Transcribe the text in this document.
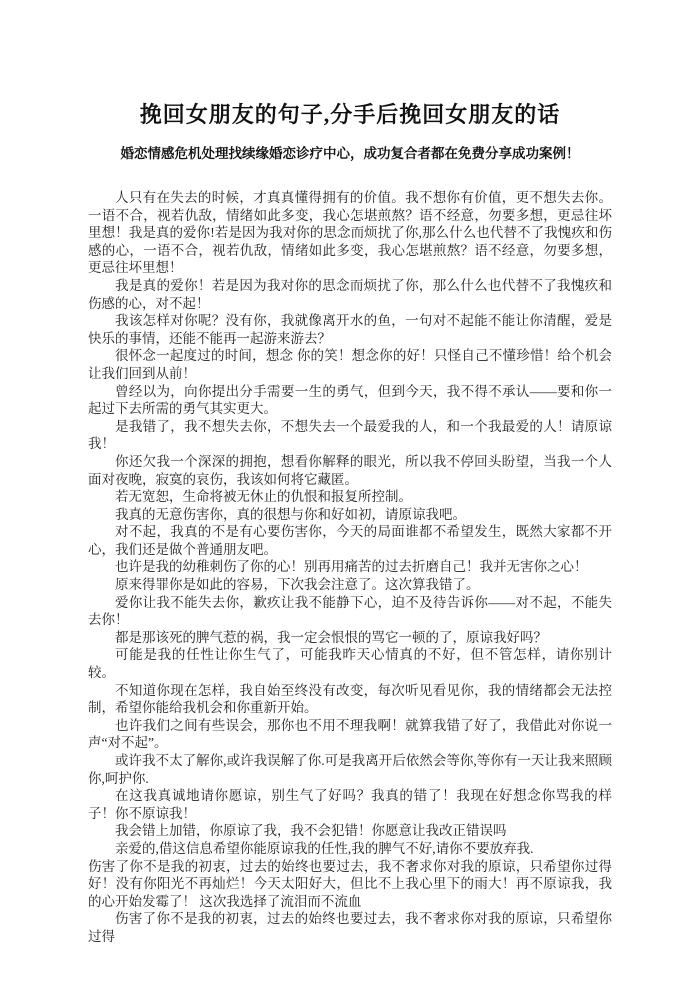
挽回女朋友的句子,分手后挽回女朋友的话
婚恋情感危机处理找续缘婚恋诊疗中心，成功复合者都在免费分享成功案例！

人只有在失去的时候，才真真懂得拥有的价值。我不想你有价值，更不想失去你。 一语不合，视若仇敌，情绪如此多变，我心怎堪煎熬？语不经意，勿要多想，更忌往坏里想！我是真的爱你!若是因为我对你的思念而烦扰了你,那么什么也代替不了我愧疚和伤感的心，一语不合，视若仇敌，情绪如此多变，我心怎堪煎熬？语不经意，勿要多想，更忌往坏里想！

我是真的爱你！若是因为我对你的思念而烦扰了你，那么什么也代替不了我愧疚和伤感的心，对不起！

我该怎样对你呢？没有你，我就像离开水的鱼，一句对不起能不能让你清醒，爱是快乐的事情，还能不能再一起游来游去？

很怀念一起度过的时间，想念 你的笑！想念你的好！只怪自己不懂珍惜！给个机会让我们回到从前！

曾经以为，向你提出分手需要一生的勇气，但到今天，我不得不承认——要和你一起过下去所需的勇气其实更大。

是我错了，我不想失去你，不想失去一个最爱我的人，和一个我最爱的人！请原谅我！

你还欠我一个深深的拥抱，想看你解释的眼光，所以我不停回头盼望，当我一个人面对夜晚，寂寞的哀伤，我该如何将它藏匿。

若无宽恕，生命将被无休止的仇恨和报复所控制。

我真的无意伤害你，真的很想与你和好如初，请原谅我吧。

对不起，我真的不是有心要伤害你，今天的局面谁都不希望发生，既然大家都不开心，我们还是做个普通朋友吧。

也许是我的幼稚刺伤了你的心！别再用痛苦的过去折磨自己！我并无害你之心！

原来得罪你是如此的容易，下次我会注意了。这次算我错了。

爱你让我不能失去你，歉疚让我不能静下心，迫不及待告诉你——对不起，不能失去你！

都是那该死的脾气惹的祸，我一定会恨恨的骂它一顿的了，原谅我好吗？

可能是我的任性让你生气了，可能我昨天心情真的不好，但不管怎样，请你别计较。

不知道你现在怎样，我自始至终没有改变，每次听见看见你，我的情绪都会无法控制，希望你能给我机会和你重新开始。

也许我们之间有些误会，那你也不用不理我啊！就算我错了好了，我借此对你说一声“对不起”。

或许我不太了解你,或许我误解了你.可是我离开后依然会等你,等你有一天让我来照顾你,呵护你.

在这我真诚地请你愿谅，别生气了好吗？我真的错了！我现在好想念你骂我的样子！你不原谅我！

我会错上加错，你原谅了我，我不会犯错！你愿意让我改正错误吗

亲爱的,借这信息希望你能原谅我的任性,我的脾气不好,请你不要放弃我.

伤害了你不是我的初衷，过去的始终也要过去，我不奢求你对我的原谅，只希望你过得好！没有你阳光不再灿烂！今天太阳好大，但比不上我心里下的雨大！再不原谅我，我的心开始发霉了！ 这次我选择了流泪而不流血

伤害了你不是我的初衷，过去的始终也要过去，我不奢求你对我的原谅，只希望你过得
